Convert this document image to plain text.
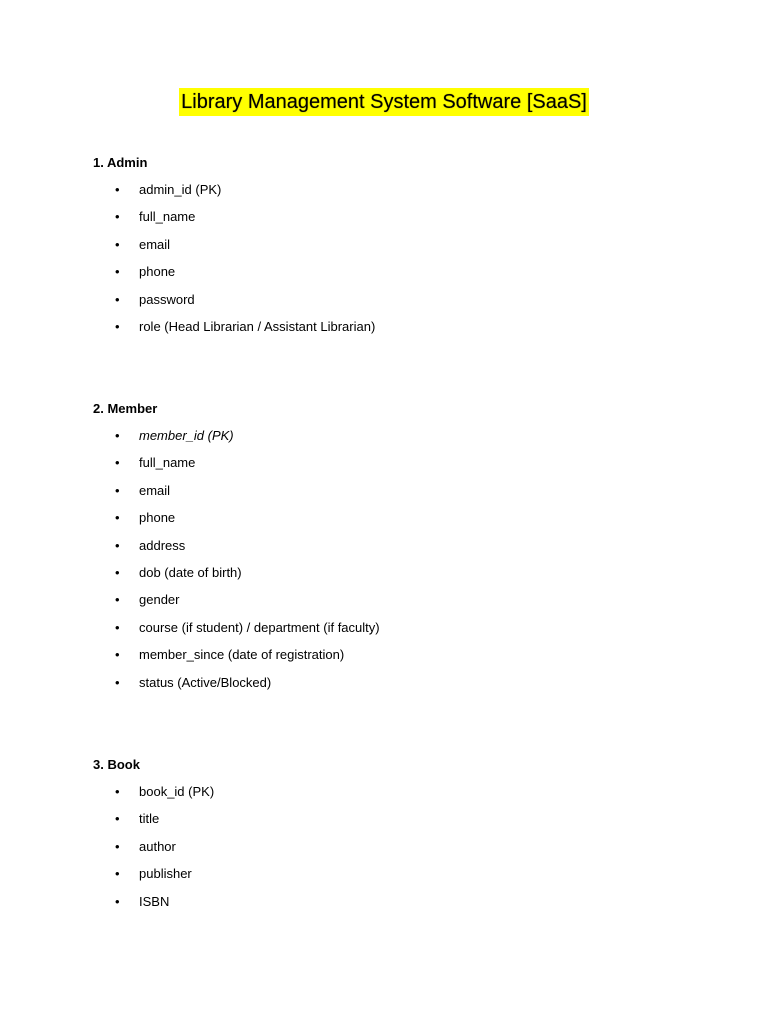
Library Management System Software [SaaS]
1. Admin
• admin_id (PK)
• full_name
• email
• phone
• password
• role (Head Librarian / Assistant Librarian)
2. Member
• member_id (PK)
• full_name
• email
• phone
• address
• dob (date of birth)
• gender
• course (if student) / department (if faculty)
• member_since (date of registration)
• status (Active/Blocked)
3. Book
• book_id (PK)
• title
• author
• publisher
• ISBN
